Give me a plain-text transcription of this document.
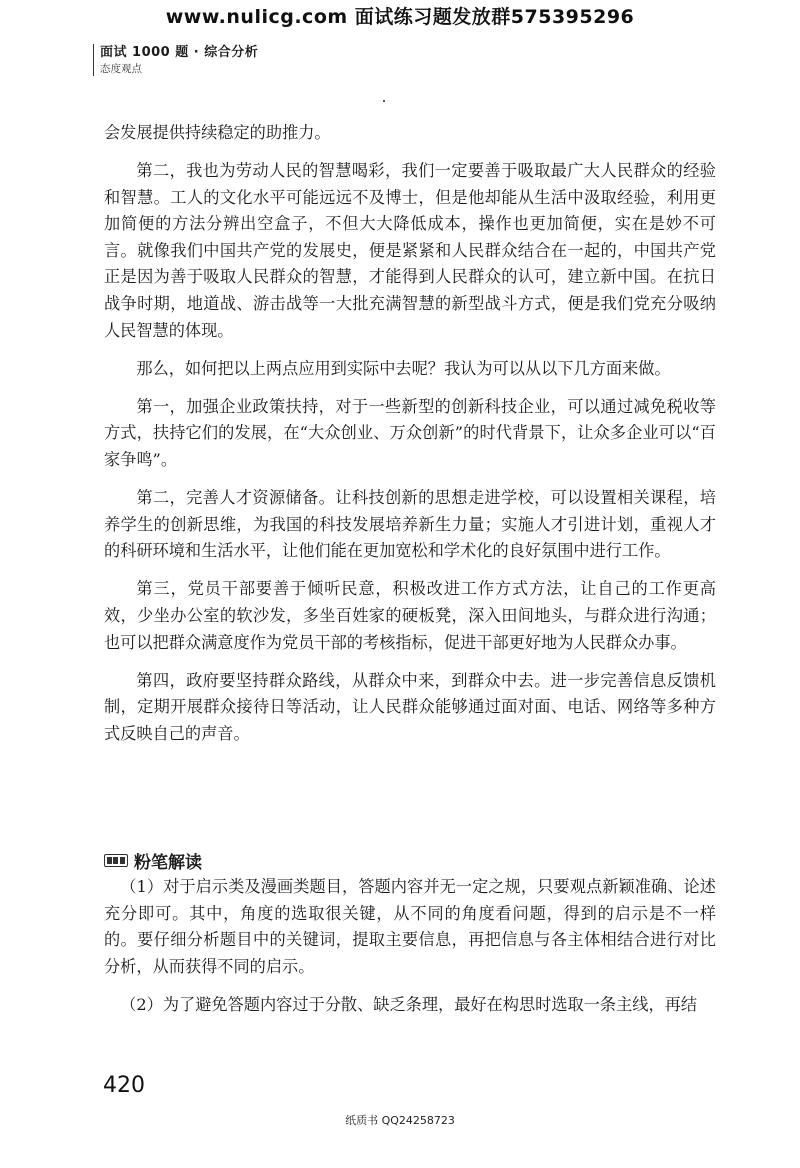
www.nulicg.com 面试练习题发放群575395296
面试 1000 题 · 综合分析
态度观点

会发展提供持续稳定的助推力。

第二，我也为劳动人民的智慧喝彩，我们一定要善于吸取最广大人民群众的经验和智慧。工人的文化水平可能远远不及博士，但是他却能从生活中汲取经验，利用更加简便的方法分辨出空盒子，不但大大降低成本，操作也更加简便，实在是妙不可言。就像我们中国共产党的发展史，便是紧紧和人民群众结合在一起的，中国共产党正是因为善于吸取人民群众的智慧，才能得到人民群众的认可，建立新中国。在抗日战争时期，地道战、游击战等一大批充满智慧的新型战斗方式，便是我们党充分吸纳人民智慧的体现。

那么，如何把以上两点应用到实际中去呢？我认为可以从以下几方面来做。

第一，加强企业政策扶持，对于一些新型的创新科技企业，可以通过减免税收等方式，扶持它们的发展，在“大众创业、万众创新”的时代背景下，让众多企业可以“百家争鸣”。

第二，完善人才资源储备。让科技创新的思想走进学校，可以设置相关课程，培养学生的创新思维，为我国的科技发展培养新生力量；实施人才引进计划，重视人才的科研环境和生活水平，让他们能在更加宽松和学术化的良好氛围中进行工作。

第三，党员干部要善于倾听民意，积极改进工作方式方法，让自己的工作更高效，少坐办公室的软沙发，多坐百姓家的硬板凳，深入田间地头，与群众进行沟通；也可以把群众满意度作为党员干部的考核指标，促进干部更好地为人民群众办事。

第四，政府要坚持群众路线，从群众中来，到群众中去。进一步完善信息反馈机制，定期开展群众接待日等活动，让人民群众能够通过面对面、电话、网络等多种方式反映自己的声音。

粉笔解读

（1）对于启示类及漫画类题目，答题内容并无一定之规，只要观点新颖准确、论述充分即可。其中，角度的选取很关键，从不同的角度看问题，得到的启示是不一样的。要仔细分析题目中的关键词，提取主要信息，再把信息与各主体相结合进行对比分析，从而获得不同的启示。

（2）为了避免答题内容过于分散、缺乏条理，最好在构思时选取一条主线，再结

420
纸质书 QQ24258723
